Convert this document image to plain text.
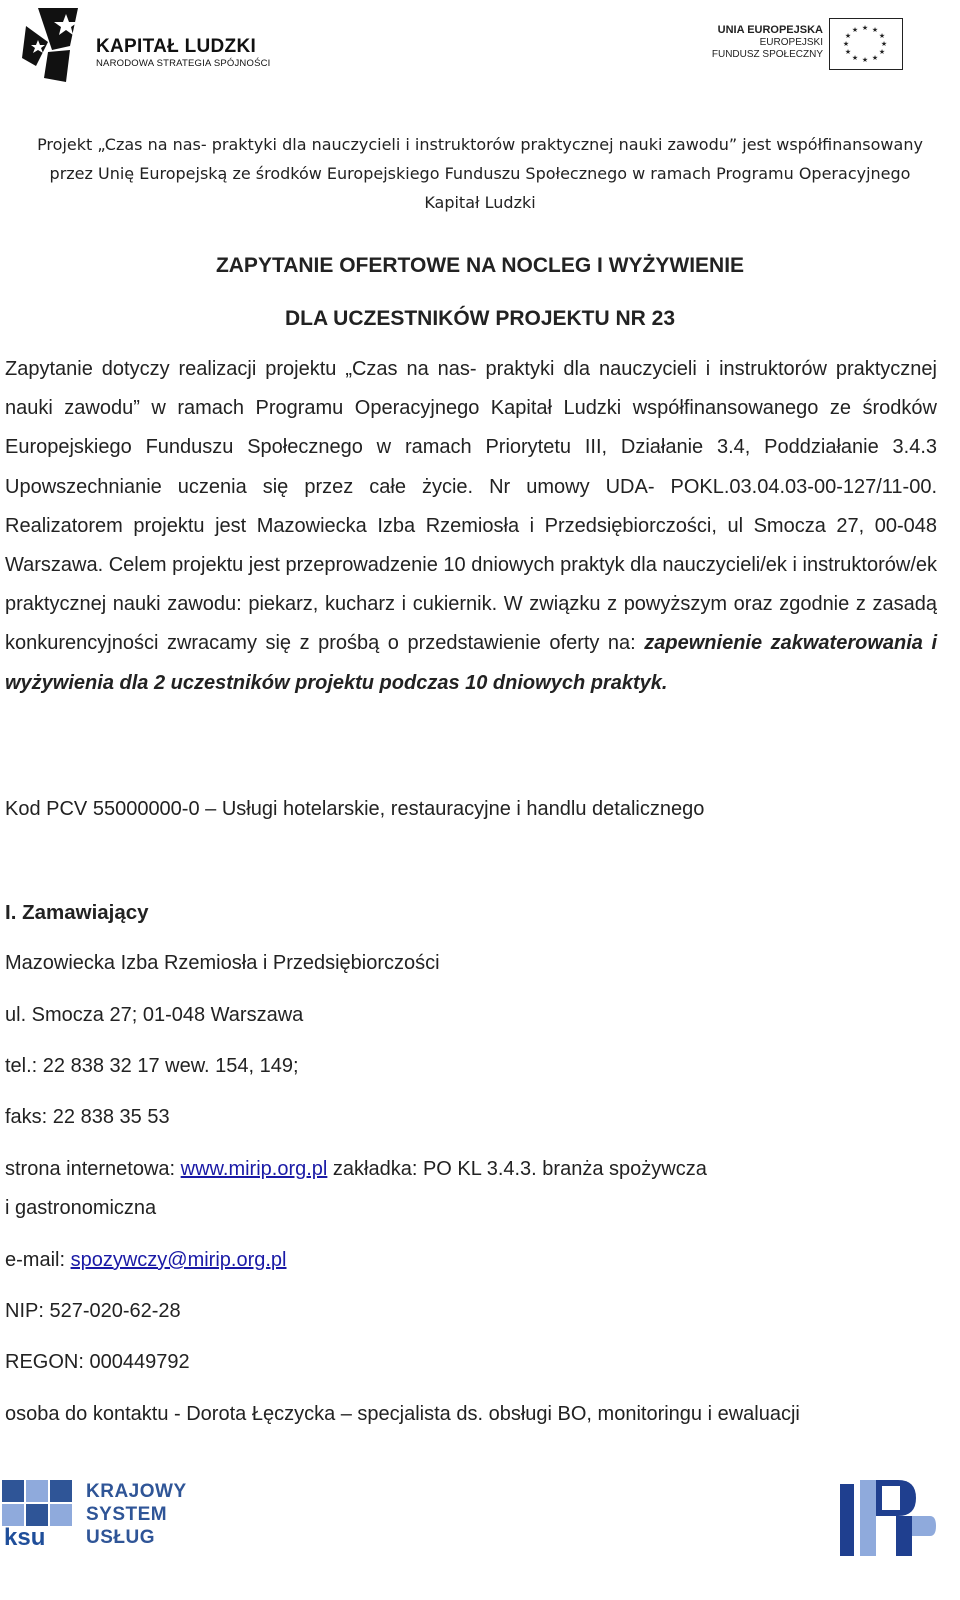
KAPITAŁ LUDZKI
NARODOWA STRATEGIA SPÓJNOŚCI
UNIA EUROPEJSKA
EUROPEJSKI
FUNDUSZ SPOŁECZNY
★ ★
★
★
★
★
★
★
★
★
★
★
Projekt „Czas na nas- praktyki dla nauczycieli i instruktorów praktycznej nauki zawodu” jest współfinansowany
przez Unię Europejską ze środków Europejskiego Funduszu Społecznego w ramach Programu Operacyjnego
Kapitał Ludzki
ZAPYTANIE OFERTOWE NA NOCLEG I WYŻYWIENIE
DLA UCZESTNIKÓW PROJEKTU NR 23
Zapytanie dotyczy realizacji projektu „Czas na nas- praktyki dla nauczycieli i instruktorów praktycznej nauki zawodu” w ramach Programu Operacyjnego Kapitał Ludzki współfinansowanego ze środków Europejskiego Funduszu Społecznego w ramach Priorytetu III, Działanie 3.4, Poddziałanie 3.4.3 Upowszechnianie uczenia się przez całe życie. Nr umowy UDA- POKL.03.04.03-00-127/11-00. Realizatorem projektu jest Mazowiecka Izba Rzemiosła i Przedsiębiorczości, ul Smocza 27, 00-048 Warszawa. Celem projektu jest przeprowadzenie 10 dniowych praktyk dla nauczycieli/ek i instruktorów/ek praktycznej nauki zawodu: piekarz, kucharz i cukiernik. W związku z powyższym oraz zgodnie z zasadą konkurencyjności zwracamy się z prośbą o przedstawienie oferty na: zapewnienie zakwaterowania i wyżywienia dla 2 uczestników projektu podczas 10 dniowych praktyk.
Kod PCV 55000000-0 – Usługi hotelarskie, restauracyjne i handlu detalicznego
I. Zamawiający
Mazowiecka Izba Rzemiosła i Przedsiębiorczości
ul. Smocza 27; 01-048 Warszawa
tel.: 22 838 32 17 wew. 154, 149;
faks: 22 838 35 53
strona internetowa: www.mirip.org.pl zakładka: PO KL 3.4.3. branża spożywcza
i gastronomiczna
e-mail: spozywczy@mirip.org.pl
NIP: 527-020-62-28
REGON: 000449792
osoba do kontaktu - Dorota Łęczycka – specjalista ds. obsługi BO, monitoringu i ewaluacji
KRAJOWY
SYSTEM
USŁUG
ksu
